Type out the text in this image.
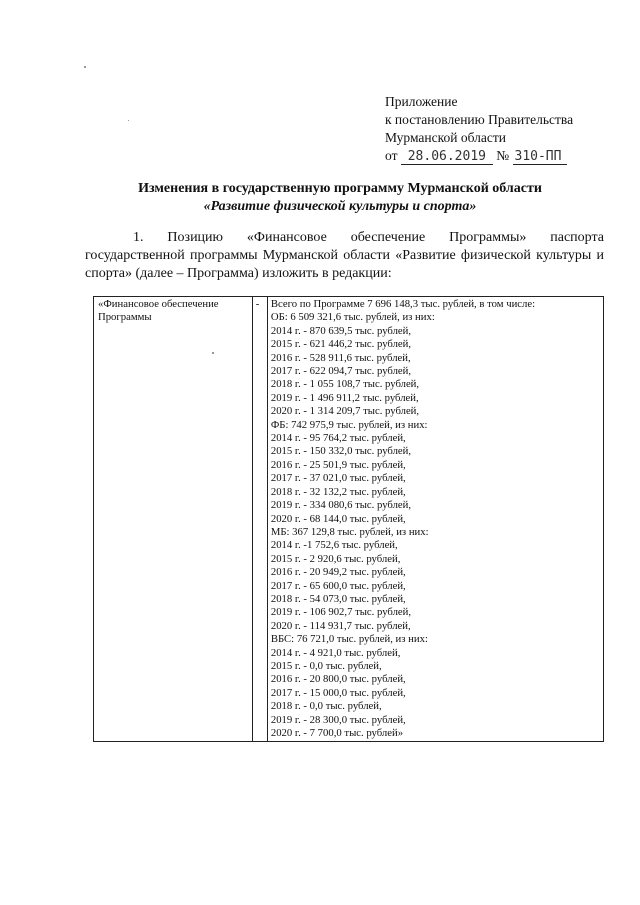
Приложение
к постановлению Правительства
Мурманской области
от 28.06.2019 № 310-ПП
Изменения в государственную программу Мурманской области
«Развитие физической культуры и спорта»
1. Позицию «Финансовое обеспечение Программы» паспорта государственной программы Мурманской области «Развитие физической культуры и спорта» (далее – Программа) изложить в редакции:
«Финансовое обеспечение Программы	-	Всего по Программе 7 696 148,3 тыс. рублей, в том числе:
ОБ: 6 509 321,6 тыс. рублей, из них:
2014 г. - 870 639,5 тыс. рублей,
2015 г. - 621 446,2 тыс. рублей,
2016 г. - 528 911,6 тыс. рублей,
2017 г. - 622 094,7 тыс. рублей,
2018 г. - 1 055 108,7 тыс. рублей,
2019 г. - 1 496 911,2 тыс. рублей,
2020 г. - 1 314 209,7 тыс. рублей,
ФБ: 742 975,9 тыс. рублей, из них:
2014 г. - 95 764,2 тыс. рублей,
2015 г. - 150 332,0 тыс. рублей,
2016 г. - 25 501,9 тыс. рублей,
2017 г. - 37 021,0 тыс. рублей,
2018 г. - 32 132,2 тыс. рублей,
2019 г. - 334 080,6 тыс. рублей,
2020 г. - 68 144,0 тыс. рублей,
МБ: 367 129,8 тыс. рублей, из них:
2014 г. -1 752,6 тыс. рублей,
2015 г. - 2 920,6 тыс. рублей,
2016 г. - 20 949,2 тыс. рублей,
2017 г. - 65 600,0 тыс. рублей,
2018 г. - 54 073,0 тыс. рублей,
2019 г. - 106 902,7 тыс. рублей,
2020 г. - 114 931,7 тыс. рублей,
ВБС: 76 721,0 тыс. рублей, из них:
2014 г. - 4 921,0 тыс. рублей,
2015 г. - 0,0 тыс. рублей,
2016 г. - 20 800,0 тыс. рублей,
2017 г. - 15 000,0 тыс. рублей,
2018 г. - 0,0 тыс. рублей,
2019 г. - 28 300,0 тыс. рублей,
2020 г. - 7 700,0 тыс. рублей»
